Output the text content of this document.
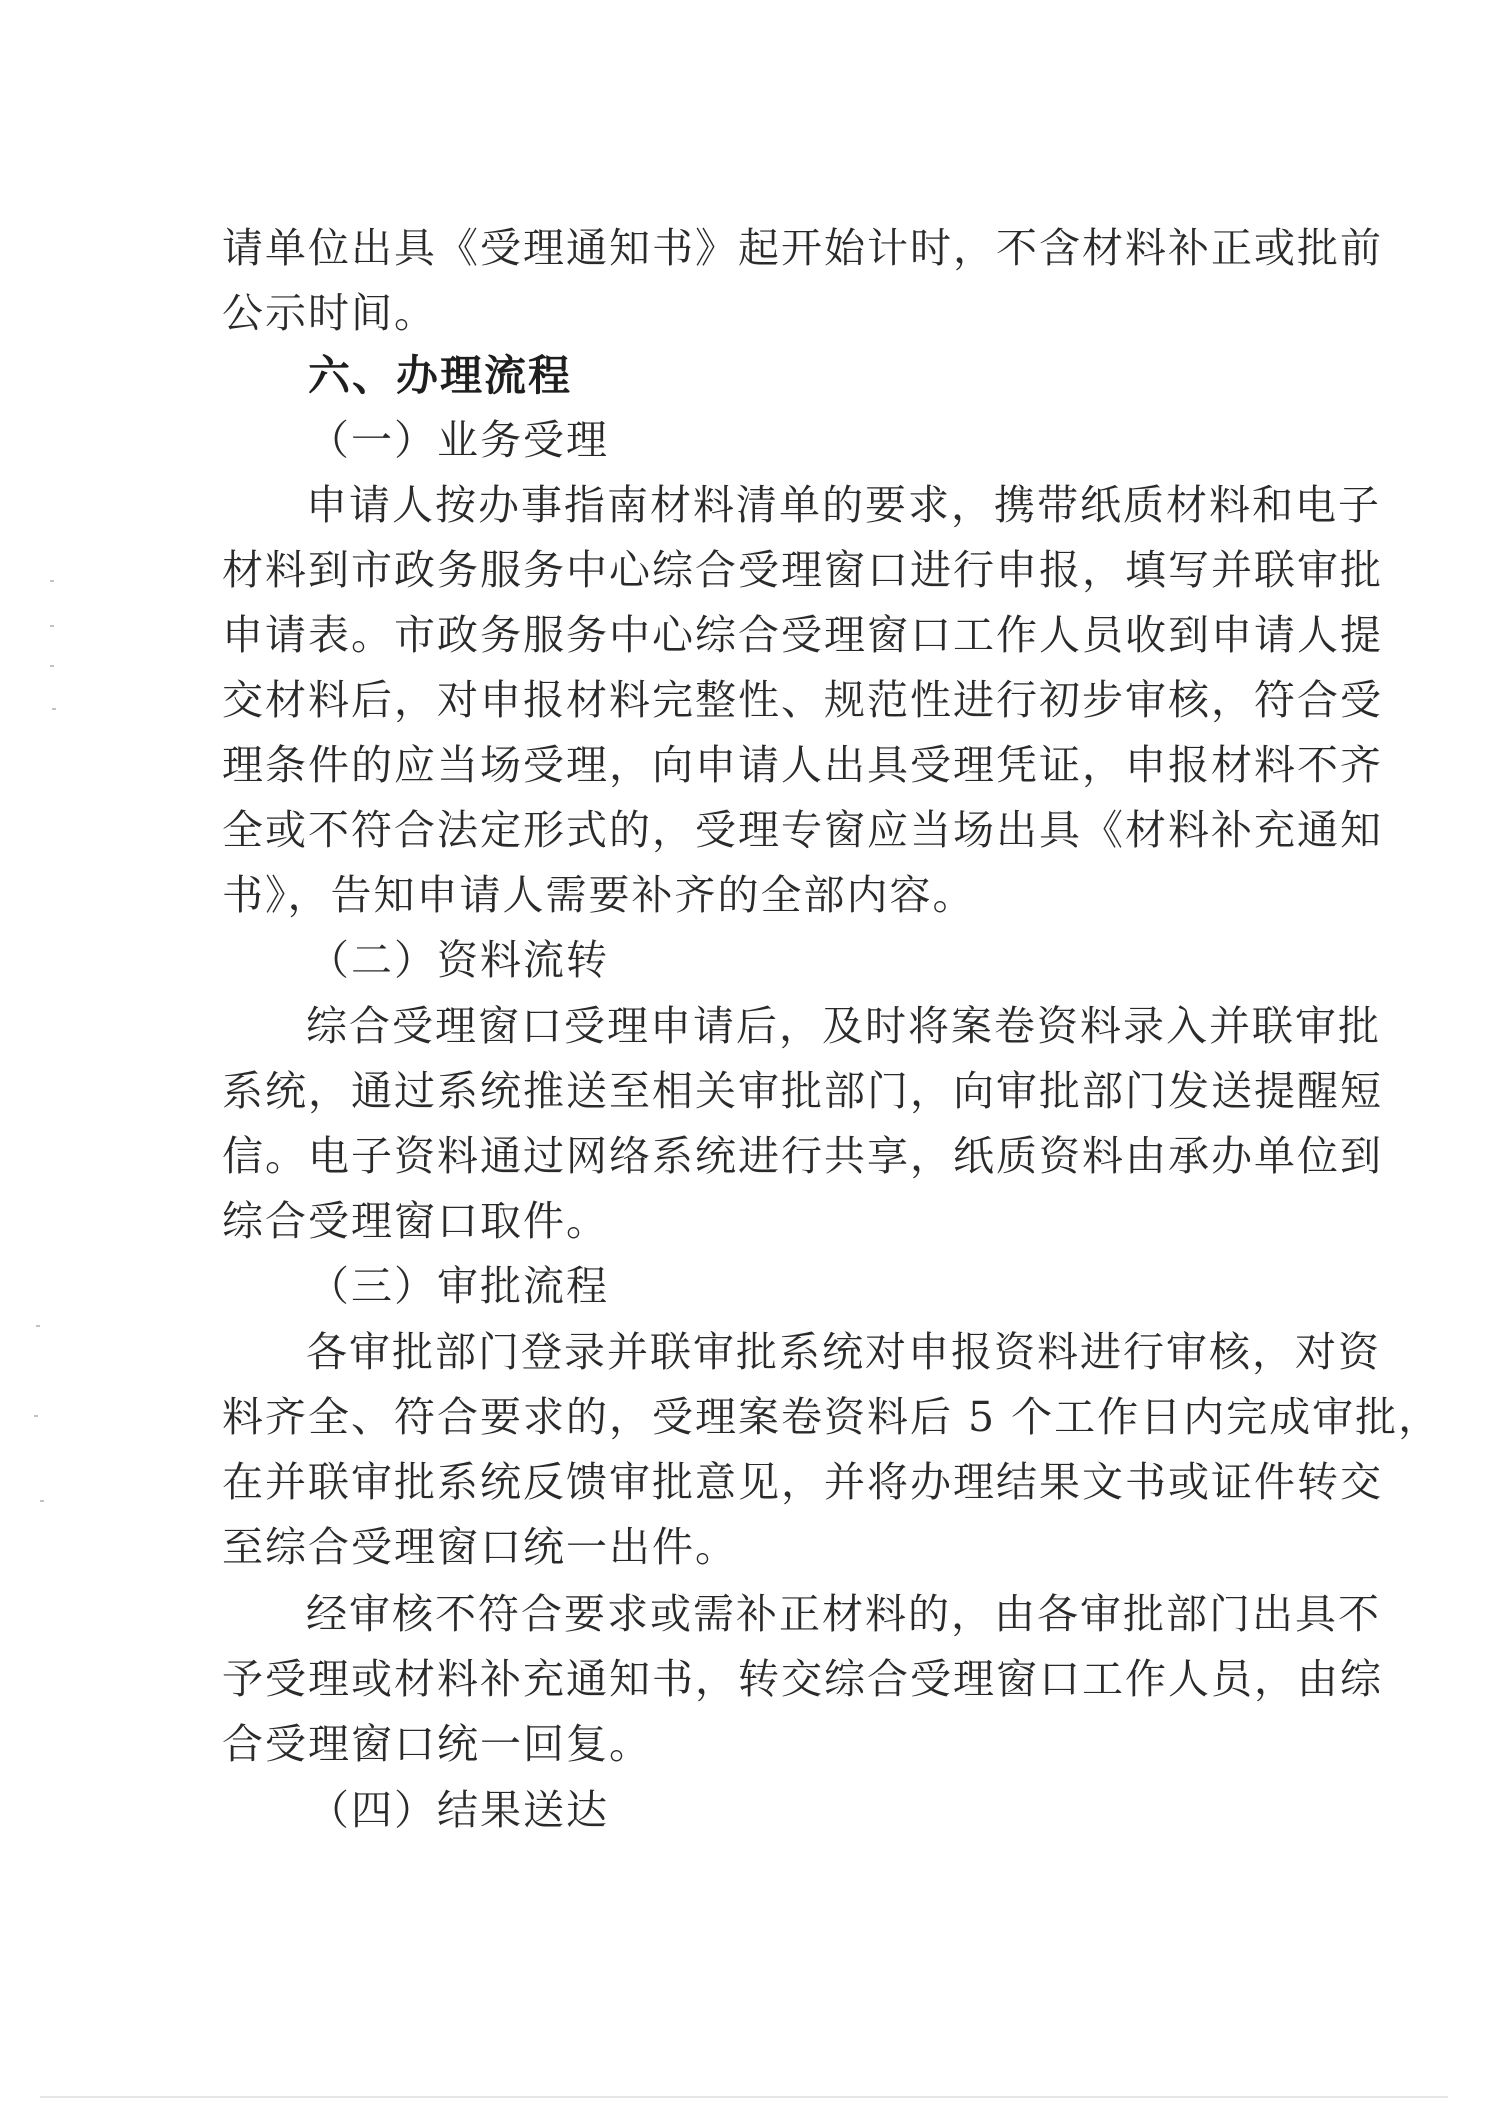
请单位出具《受理通知书》起开始计时，不含材料补正或批前
公示时间。
六、办理流程
（一）业务受理
申请人按办事指南材料清单的要求，携带纸质材料和电子
材料到市政务服务中心综合受理窗口进行申报，填写并联审批
申请表。市政务服务中心综合受理窗口工作人员收到申请人提
交材料后，对申报材料完整性、规范性进行初步审核，符合受
理条件的应当场受理，向申请人出具受理凭证，申报材料不齐
全或不符合法定形式的，受理专窗应当场出具《材料补充通知
书》，告知申请人需要补齐的全部内容。
（二）资料流转
综合受理窗口受理申请后，及时将案卷资料录入并联审批
系统，通过系统推送至相关审批部门，向审批部门发送提醒短
信。电子资料通过网络系统进行共享，纸质资料由承办单位到
综合受理窗口取件。
（三）审批流程
各审批部门登录并联审批系统对申报资料进行审核，对资
料齐全、符合要求的，受理案卷资料后 5 个工作日内完成审批，
在并联审批系统反馈审批意见，并将办理结果文书或证件转交
至综合受理窗口统一出件。
经审核不符合要求或需补正材料的，由各审批部门出具不
予受理或材料补充通知书，转交综合受理窗口工作人员，由综
合受理窗口统一回复。
（四）结果送达
